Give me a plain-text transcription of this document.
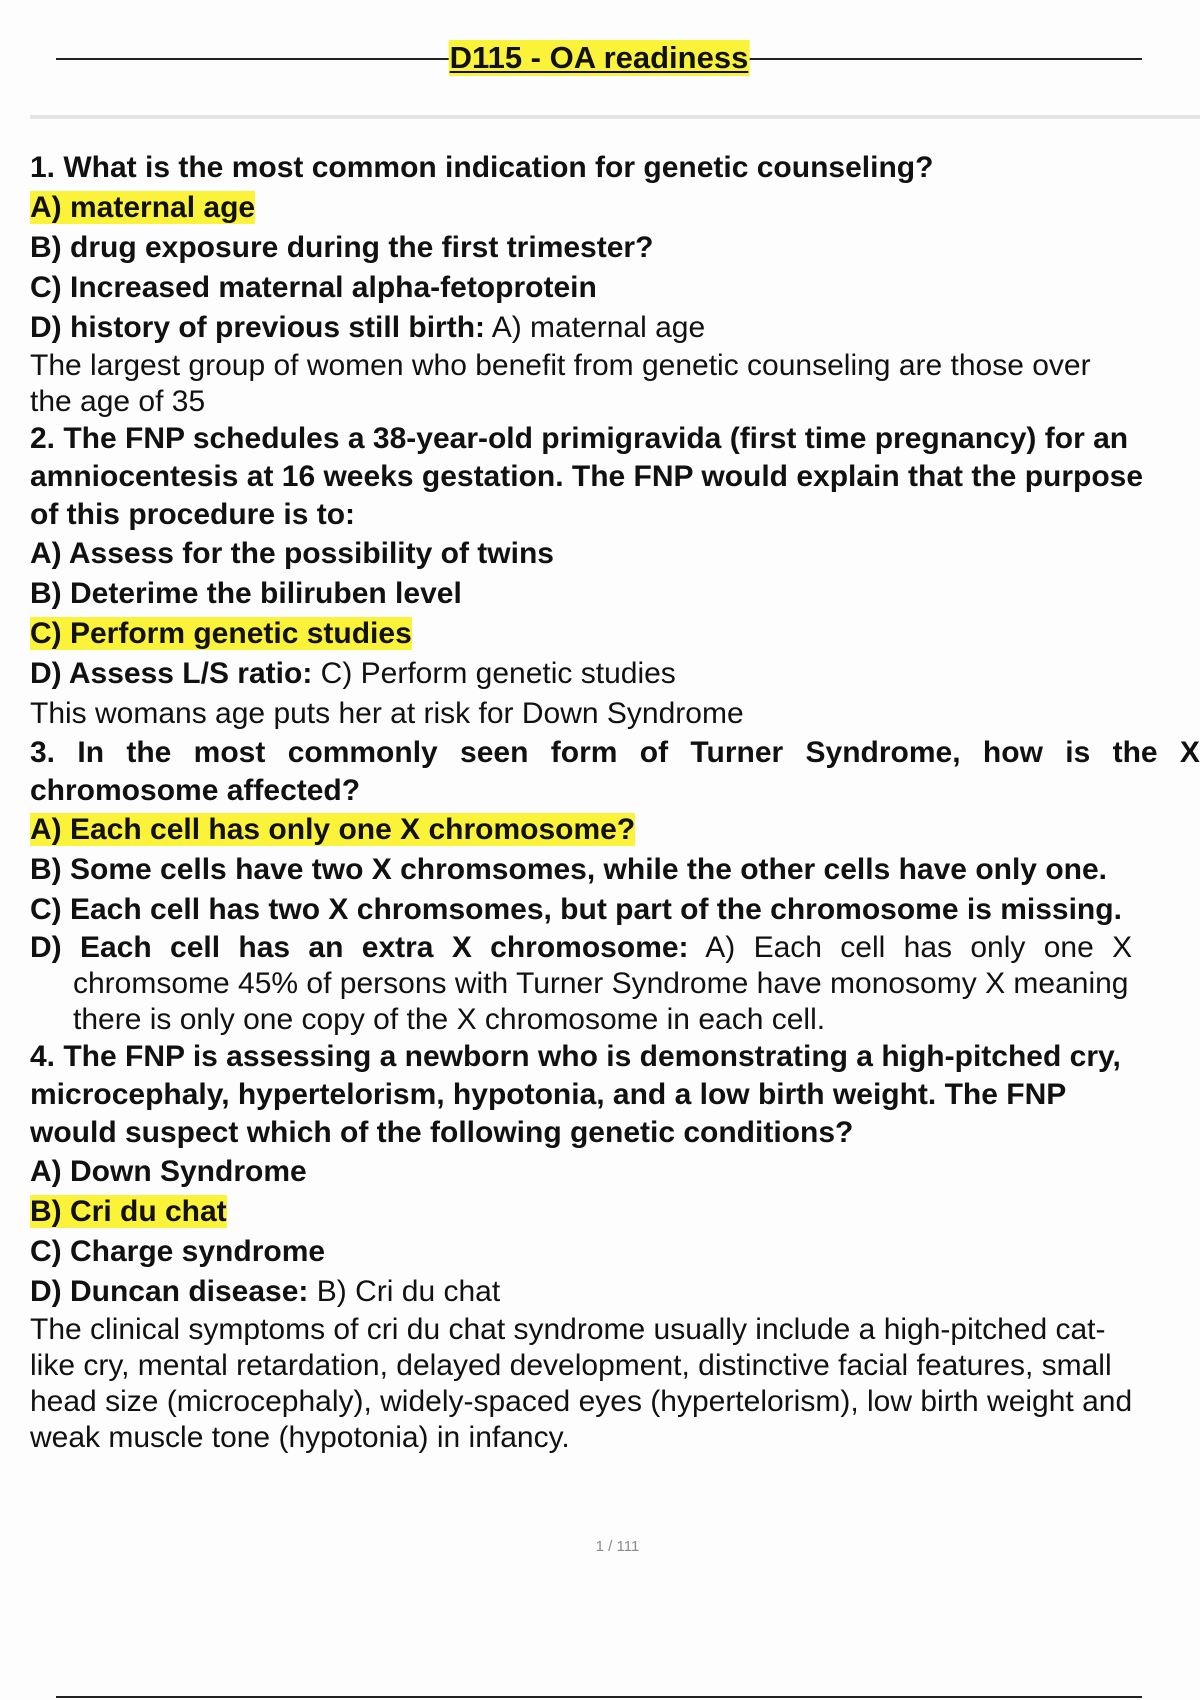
D115 - OA readiness
1. What is the most common indication for genetic counseling?
A) maternal age
B) drug exposure during the first trimester?
C) Increased maternal alpha-fetoprotein
D) history of previous still birth: A) maternal age
The largest group of women who benefit from genetic counseling are those over
the age of 35
2. The FNP schedules a 38-year-old primigravida (first time pregnancy) for an
amniocentesis at 16 weeks gestation. The FNP would explain that the purpose
of this procedure is to:
A) Assess for the possibility of twins
B) Deterime the biliruben level
C) Perform genetic studies
D) Assess L/S ratio: C) Perform genetic studies
This womans age puts her at risk for Down Syndrome
3. In the most commonly seen form of Turner Syndrome, how is the X
chromosome affected?
A) Each cell has only one X chromosome?
B) Some cells have two X chromsomes, while the other cells have only one.
C) Each cell has two X chromsomes, but part of the chromosome is missing.
D) Each cell has an extra X chromosome: A) Each cell has only one X
chromsome 45% of persons with Turner Syndrome have monosomy X meaning
there is only one copy of the X chromosome in each cell.
4. The FNP is assessing a newborn who is demonstrating a high-pitched cry,
microcephaly, hypertelorism, hypotonia, and a low birth weight. The FNP
would suspect which of the following genetic conditions?
A) Down Syndrome
B) Cri du chat
C) Charge syndrome
D) Duncan disease: B) Cri du chat
The clinical symptoms of cri du chat syndrome usually include a high-pitched cat-
like cry, mental retardation, delayed development, distinctive facial features, small
head size (microcephaly), widely-spaced eyes (hypertelorism), low birth weight and
weak muscle tone (hypotonia) in infancy.
1 / 111
